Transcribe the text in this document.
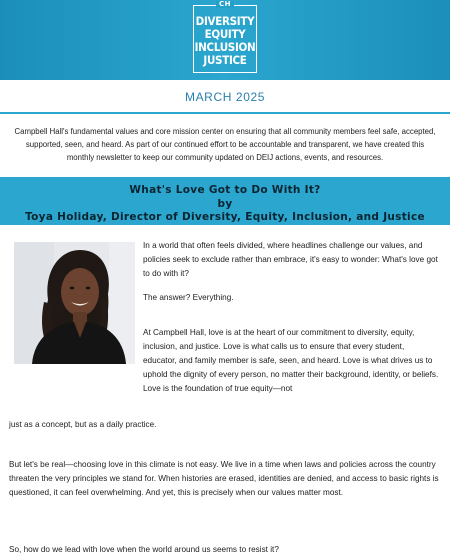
CH
DIVERSITY
EQUITY
INCLUSION
JUSTICE
MARCH 2025
Campbell Hall's fundamental values and core mission center on ensuring that all community members feel safe, accepted, supported, seen, and heard. As part of our continued effort to be accountable and transparent, we have created this monthly newsletter to keep our community updated on DEIJ actions, events, and resources.
What's Love Got to Do With It?
by
Toya Holiday, Director of Diversity, Equity, Inclusion, and Justice
In a world that often feels divided, where headlines challenge our values, and policies seek to exclude rather than embrace, it's easy to wonder: What's love got to do with it?
The answer? Everything.
At Campbell Hall, love is at the heart of our commitment to diversity, equity, inclusion, and justice. Love is what calls us to ensure that every student, educator, and family member is safe, seen, and heard. Love is what drives us to uphold the dignity of every person, no matter their background, identity, or beliefs. Love is the foundation of true equity—not
just as a concept, but as a daily practice.
But let's be real—choosing love in this climate is not easy. We live in a time when laws and policies across the country threaten the very principles we stand for. When histories are erased, identities are denied, and access to basic rights is questioned, it can feel overwhelming. And yet, this is precisely when our values matter most.
So, how do we lead with love when the world around us seems to resist it?
